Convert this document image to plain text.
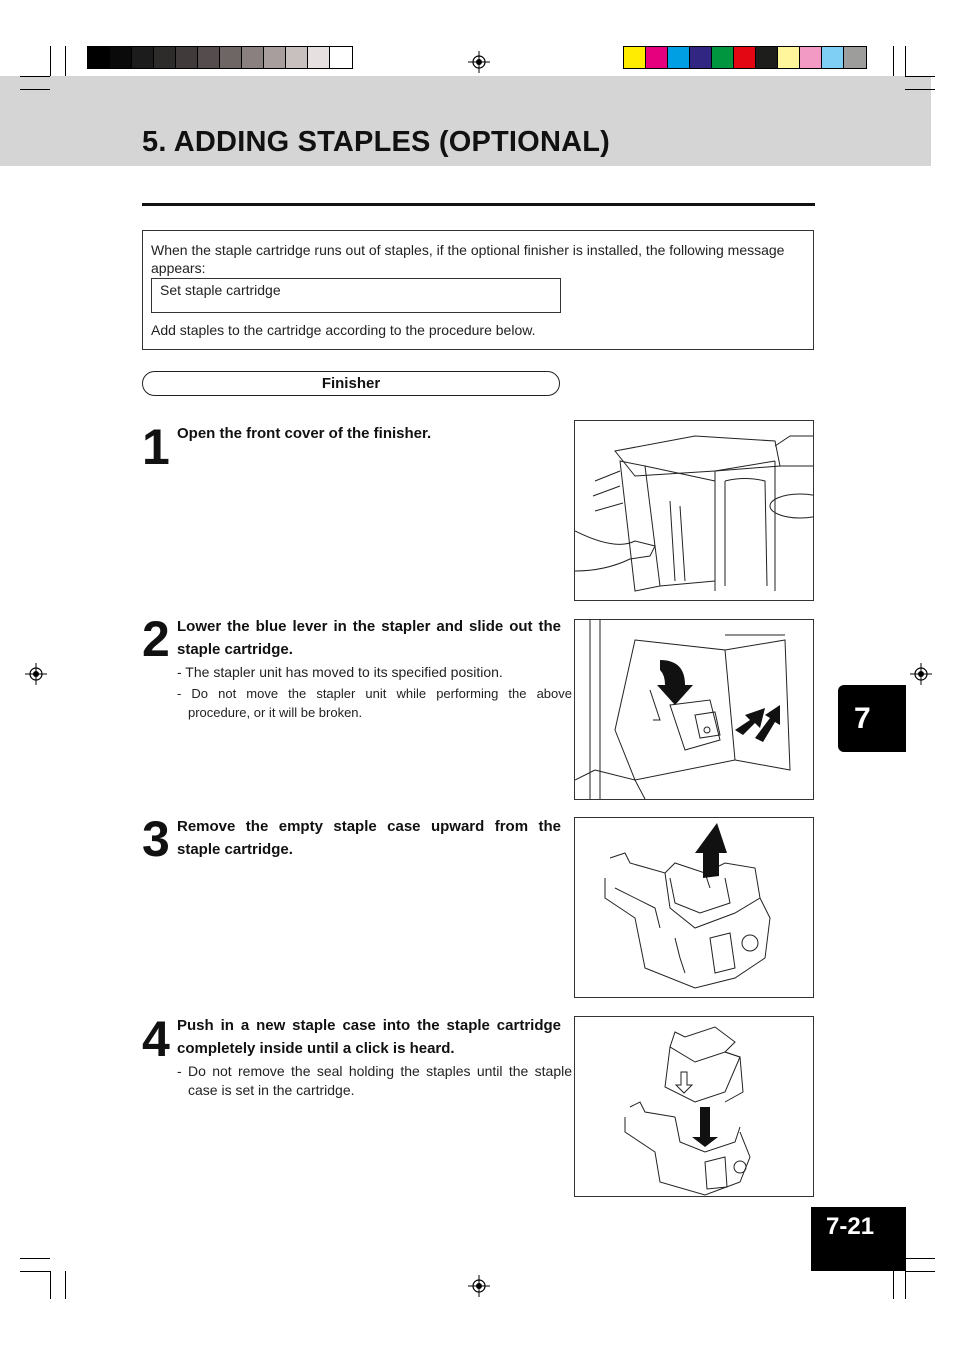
5. ADDING STAPLES (OPTIONAL)
When the staple cartridge runs out of staples, if the optional finisher is installed, the following message appears:
Set staple cartridge
Add staples to the cartridge according to the procedure below.
Finisher
1 Open the front cover of the finisher.
2 Lower the blue lever in the stapler and slide out the staple cartridge.
- The stapler unit has moved to its specified position.
- Do not move the stapler unit while performing the above procedure, or it will be broken.
3 Remove the empty staple case upward from the staple cartridge.
4 Push in a new staple case into the staple cartridge completely inside until a click is heard.
- Do not remove the seal holding the staples until the staple case is set in the cartridge.
7
7-21
